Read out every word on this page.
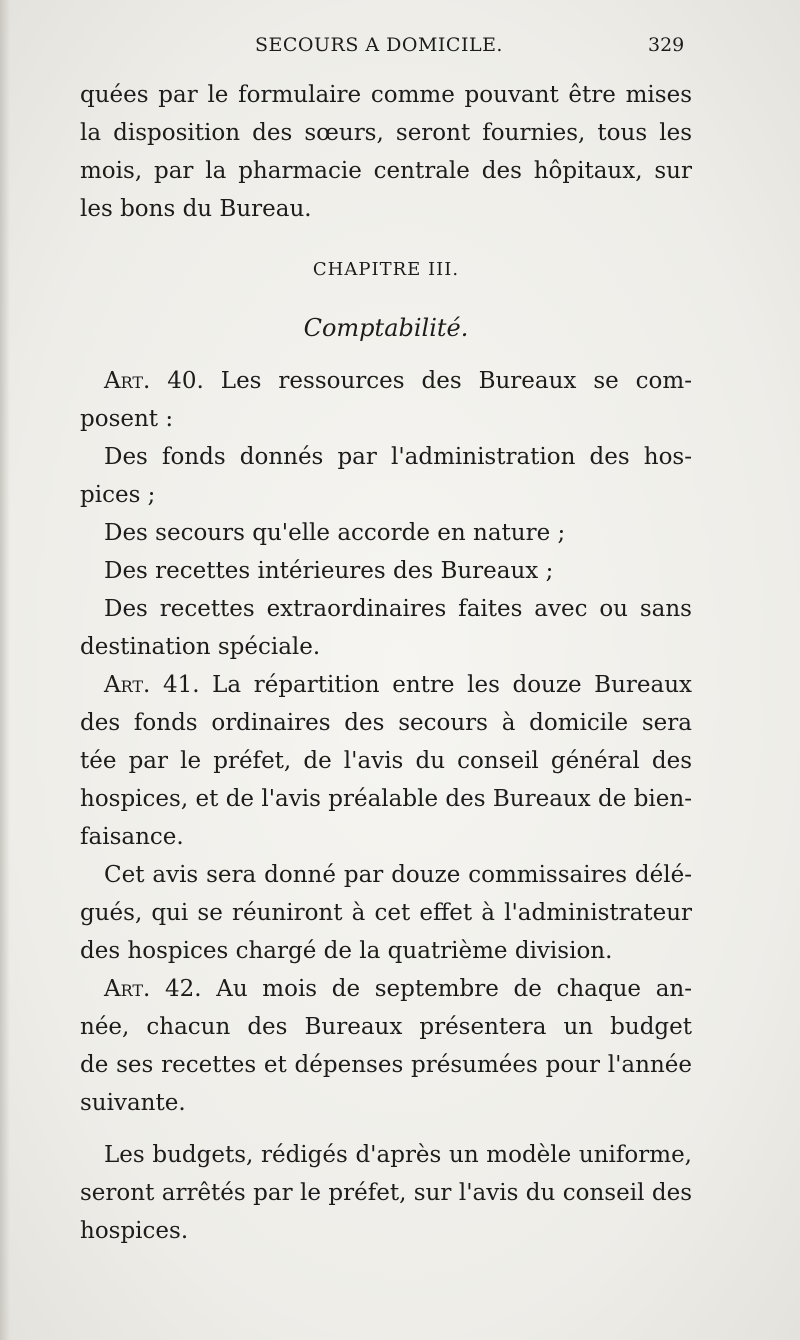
SECOURS A DOMICILE.	329
quées par le formulaire comme pouvant être mises
la disposition des sœurs, seront fournies, tous les
mois, par la pharmacie centrale des hôpitaux, sur
les bons du Bureau.
CHAPITRE III.
Comptabilité.
Art. 40. Les ressources des Bureaux se com-
posent :
Des fonds donnés par l'administration des hos-
pices ;
Des secours qu'elle accorde en nature ;
Des recettes intérieures des Bureaux ;
Des recettes extraordinaires faites avec ou sans
destination spéciale.
Art. 41. La répartition entre les douze Bureaux
des fonds ordinaires des secours à domicile sera
tée par le préfet, de l'avis du conseil général des
hospices, et de l'avis préalable des Bureaux de bien-
faisance.
Cet avis sera donné par douze commissaires délé-
gués, qui se réuniront à cet effet à l'administrateur
des hospices chargé de la quatrième division.
Art. 42. Au mois de septembre de chaque an-
née, chacun des Bureaux présentera un budget
de ses recettes et dépenses présumées pour l'année
suivante.
Les budgets, rédigés d'après un modèle uniforme,
seront arrêtés par le préfet, sur l'avis du conseil des
hospices.
